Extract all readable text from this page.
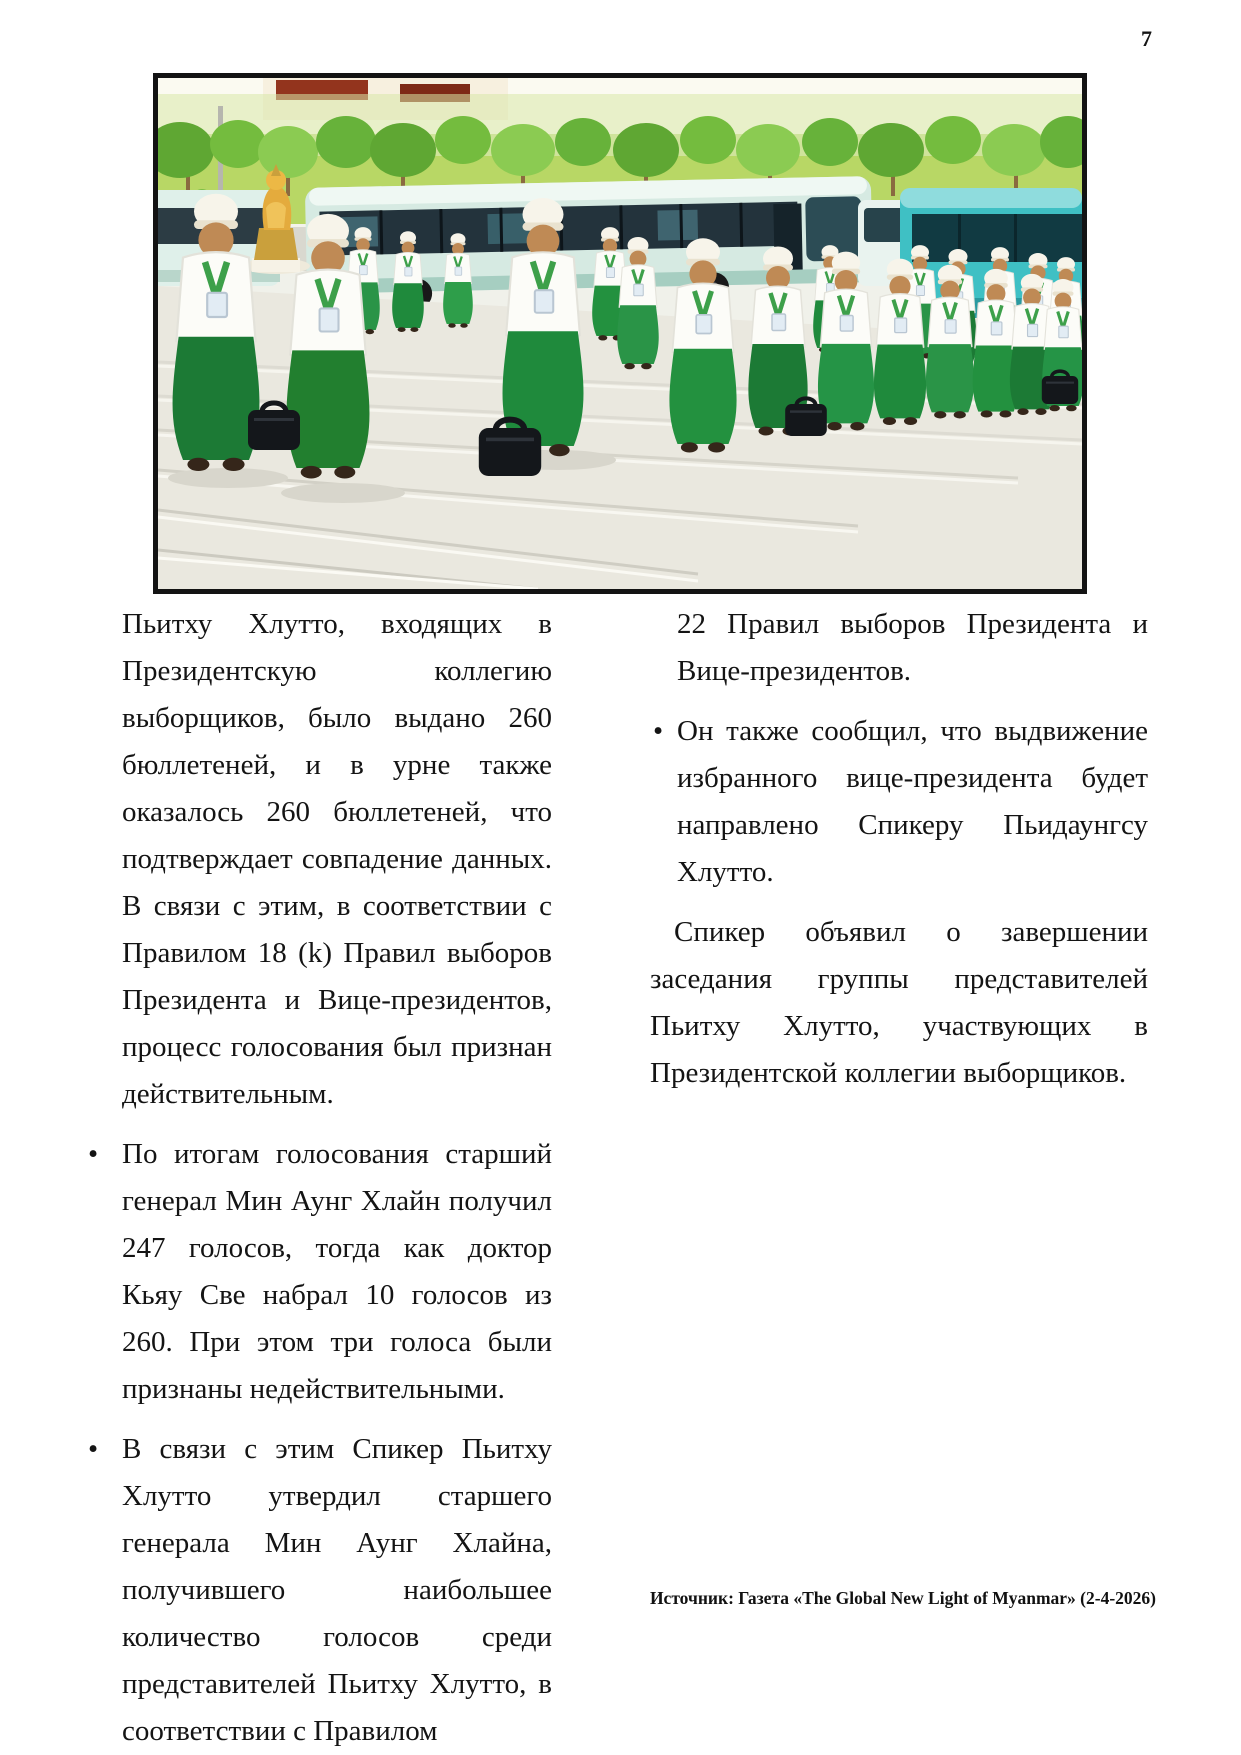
7

Пьитху Хлутто, входящих в Президентскую коллегию выборщиков, было выдано 260 бюллетеней, и в урне также оказалось 260 бюллетеней, что подтверждает совпадение данных. В связи с этим, в соответствии с Правилом 18 (k) Правил выборов Президента и Вице-президентов, процесс голосования был признан действительным.

• По итогам голосования старший генерал Мин Аунг Хлайн получил 247 голосов, тогда как доктор Кьяу Све набрал 10 голосов из 260. При этом три голоса были признаны недействительными.

• В связи с этим Спикер Пьитху Хлутто утвердил старшего генерала Мин Аунг Хлайна, получившего наибольшее количество голосов среди представителей Пьитху Хлутто, в соответствии с Правилом

22 Правил выборов Президента и Вице-президентов.

• Он также сообщил, что выдвижение избранного вице-президента будет направлено Спикеру Пьидаунгсу Хлутто.

Спикер объявил о завершении заседания группы представителей Пьитху Хлутто, участвующих в Президентской коллегии выборщиков.

Источник: Газета «The Global New Light of Myanmar» (2-4-2026)
